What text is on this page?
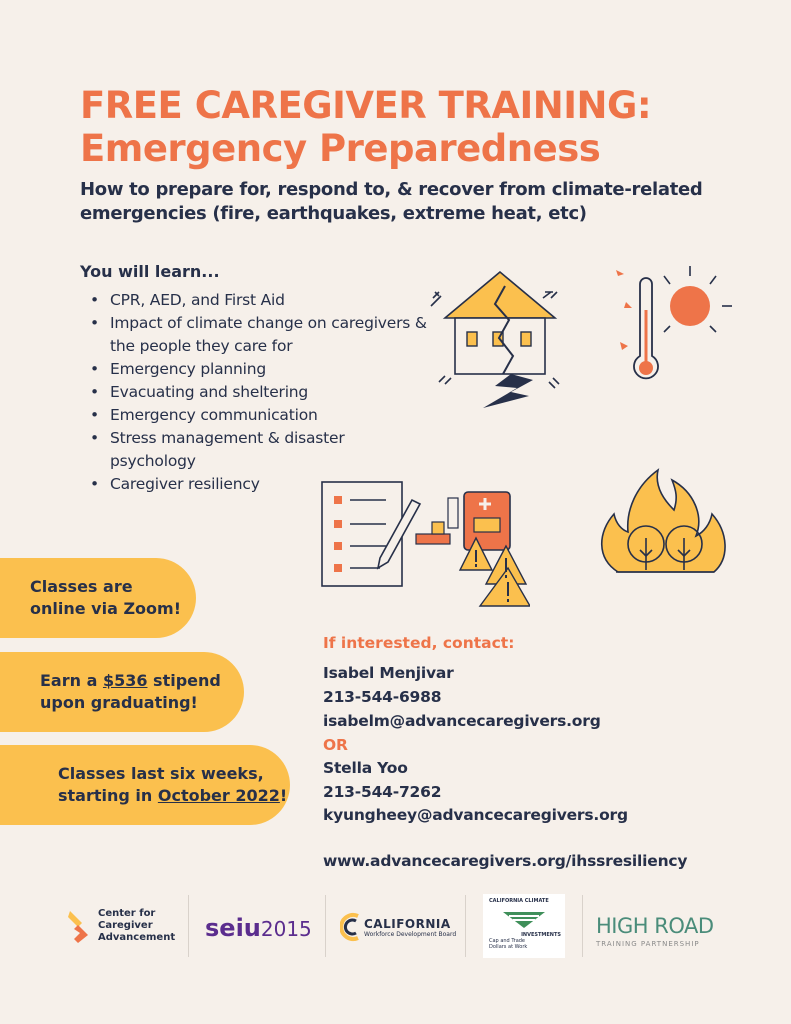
FREE CAREGIVER TRAINING:
Emergency Preparedness

How to prepare for, respond to, & recover from climate-related emergencies (fire, earthquakes, extreme heat, etc)

You will learn...

• CPR, AED, and First Aid
• Impact of climate change on caregivers & the people they care for
• Emergency planning
• Evacuating and sheltering
• Emergency communication
• Stress management & disaster psychology
• Caregiver resiliency
Classes are
online via Zoom!
Earn a $536 stipend
upon graduating!
Classes last six weeks,
starting in October 2022!

If interested, contact:

Isabel Menjivar

213-544-6988

isabelm@advancecaregivers.org

OR

Stella Yoo

213-544-7262

kyungheey@advancecaregivers.org

www.advancecaregivers.org/ihssresiliency

Center for
Caregiver
Advancement seiu2015	CALIFORNIA
Workforce Development Board
CALIFORNIA CLIMATE
INVESTMENTS
Cap and Trade
Dollars at Work
HIGH ROAD
TRAINING PARTNERSHIP
